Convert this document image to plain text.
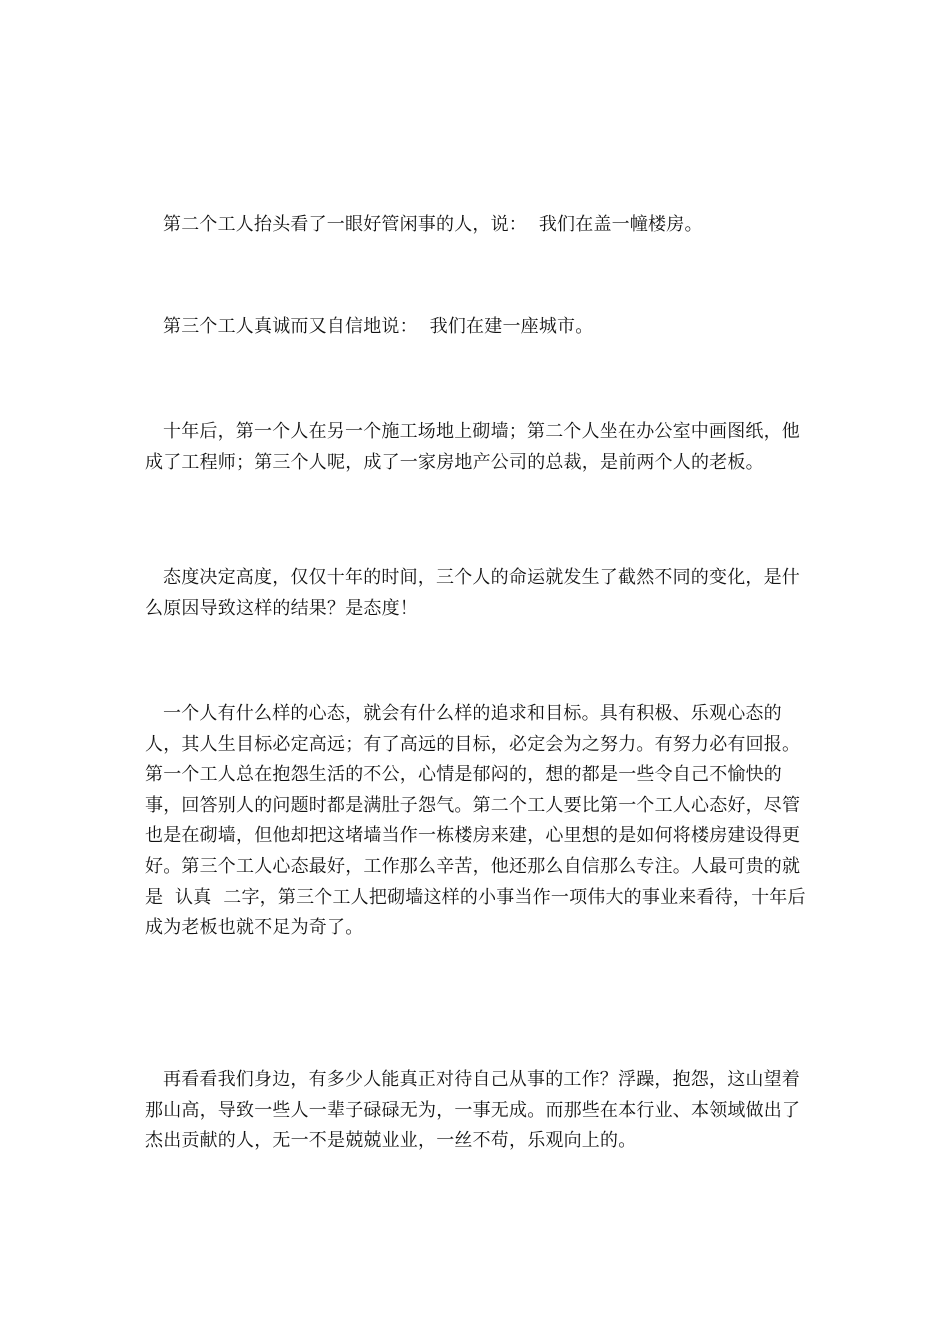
第二个工人抬头看了一眼好管闲事的人，说：  我们在盖一幢楼房。

第三个工人真诚而又自信地说：  我们在建一座城市。

十年后，第一个人在另一个施工场地上砌墙；第二个人坐在办公室中画图纸，他成了工程师；第三个人呢，成了一家房地产公司的总裁，是前两个人的老板。

态度决定高度，仅仅十年的时间，三个人的命运就发生了截然不同的变化，是什么原因导致这样的结果？是态度！

一个人有什么样的心态，就会有什么样的追求和目标。具有积极、乐观心态的人，其人生目标必定高远；有了高远的目标，必定会为之努力。有努力必有回报。第一个工人总在抱怨生活的不公，心情是郁闷的，想的都是一些令自己不愉快的事，回答别人的问题时都是满肚子怨气。第二个工人要比第一个工人心态好，尽管也是在砌墙，但他却把这堵墙当作一栋楼房来建，心里想的是如何将楼房建设得更好。第三个工人心态最好，工作那么辛苦，他还那么自信那么专注。人最可贵的就是  认真  二字，第三个工人把砌墙这样的小事当作一项伟大的事业来看待，十年后成为老板也就不足为奇了。

再看看我们身边，有多少人能真正对待自己从事的工作？浮躁，抱怨，这山望着那山高，导致一些人一辈子碌碌无为，一事无成。而那些在本行业、本领域做出了杰出贡献的人，无一不是兢兢业业，一丝不苟，乐观向上的。
